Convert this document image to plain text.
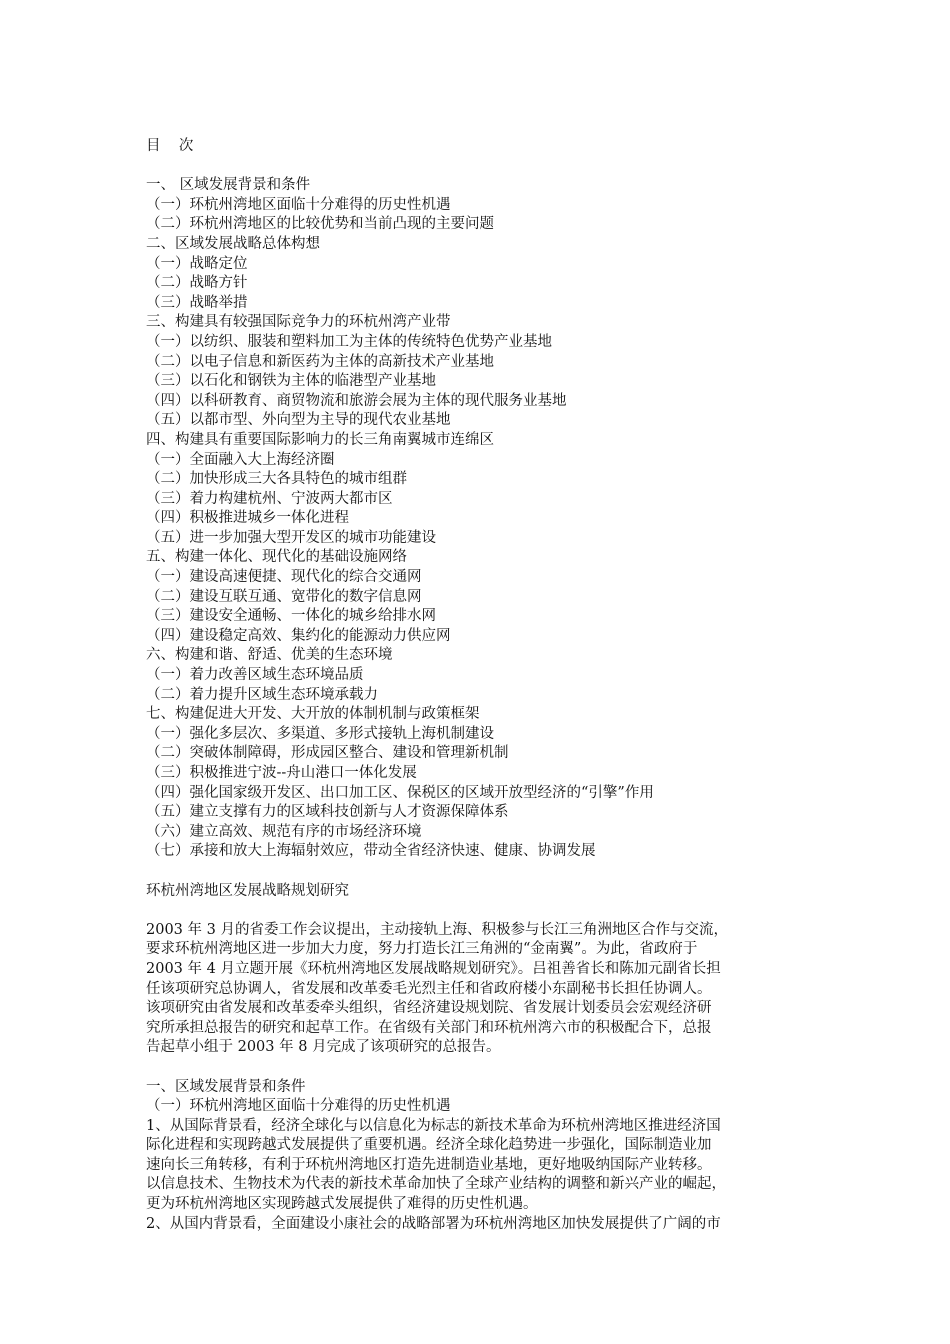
目    次
一、 区域发展背景和条件
（一）环杭州湾地区面临十分难得的历史性机遇
（二）环杭州湾地区的比较优势和当前凸现的主要问题
二、区域发展战略总体构想
（一）战略定位
（二）战略方针
（三）战略举措
三、构建具有较强国际竞争力的环杭州湾产业带
（一）以纺织、服装和塑料加工为主体的传统特色优势产业基地
（二）以电子信息和新医药为主体的高新技术产业基地
（三）以石化和钢铁为主体的临港型产业基地
（四）以科研教育、商贸物流和旅游会展为主体的现代服务业基地
（五）以都市型、外向型为主导的现代农业基地
四、构建具有重要国际影响力的长三角南翼城市连绵区
（一）全面融入大上海经济圈
（二）加快形成三大各具特色的城市组群
（三）着力构建杭州、宁波两大都市区
（四）积极推进城乡一体化进程
（五）进一步加强大型开发区的城市功能建设
五、构建一体化、现代化的基础设施网络
（一）建设高速便捷、现代化的综合交通网
（二）建设互联互通、宽带化的数字信息网
（三）建设安全通畅、一体化的城乡给排水网
（四）建设稳定高效、集约化的能源动力供应网
六、构建和谐、舒适、优美的生态环境
（一）着力改善区域生态环境品质
（二）着力提升区域生态环境承载力
七、构建促进大开发、大开放的体制机制与政策框架
（一）强化多层次、多渠道、多形式接轨上海机制建设
（二）突破体制障碍，形成园区整合、建设和管理新机制
（三）积极推进宁波--舟山港口一体化发展
（四）强化国家级开发区、出口加工区、保税区的区域开放型经济的“引擎”作用
（五）建立支撑有力的区域科技创新与人才资源保障体系
（六）建立高效、规范有序的市场经济环境
（七）承接和放大上海辐射效应，带动全省经济快速、健康、协调发展
环杭州湾地区发展战略规划研究
2003 年 3 月的省委工作会议提出，主动接轨上海、积极参与长江三角洲地区合作与交流，
要求环杭州湾地区进一步加大力度，努力打造长江三角洲的“金南翼”。为此，省政府于
2003 年 4 月立题开展《环杭州湾地区发展战略规划研究》。吕祖善省长和陈加元副省长担
任该项研究总协调人，省发展和改革委毛光烈主任和省政府楼小东副秘书长担任协调人。
该项研究由省发展和改革委牵头组织，省经济建设规划院、省发展计划委员会宏观经济研
究所承担总报告的研究和起草工作。在省级有关部门和环杭州湾六市的积极配合下，总报
告起草小组于 2003 年 8 月完成了该项研究的总报告。
一、区域发展背景和条件
（一）环杭州湾地区面临十分难得的历史性机遇
1、从国际背景看，经济全球化与以信息化为标志的新技术革命为环杭州湾地区推进经济国
际化进程和实现跨越式发展提供了重要机遇。经济全球化趋势进一步强化，国际制造业加
速向长三角转移，有利于环杭州湾地区打造先进制造业基地，更好地吸纳国际产业转移。
以信息技术、生物技术为代表的新技术革命加快了全球产业结构的调整和新兴产业的崛起，
更为环杭州湾地区实现跨越式发展提供了难得的历史性机遇。
2、从国内背景看，全面建设小康社会的战略部署为环杭州湾地区加快发展提供了广阔的市
